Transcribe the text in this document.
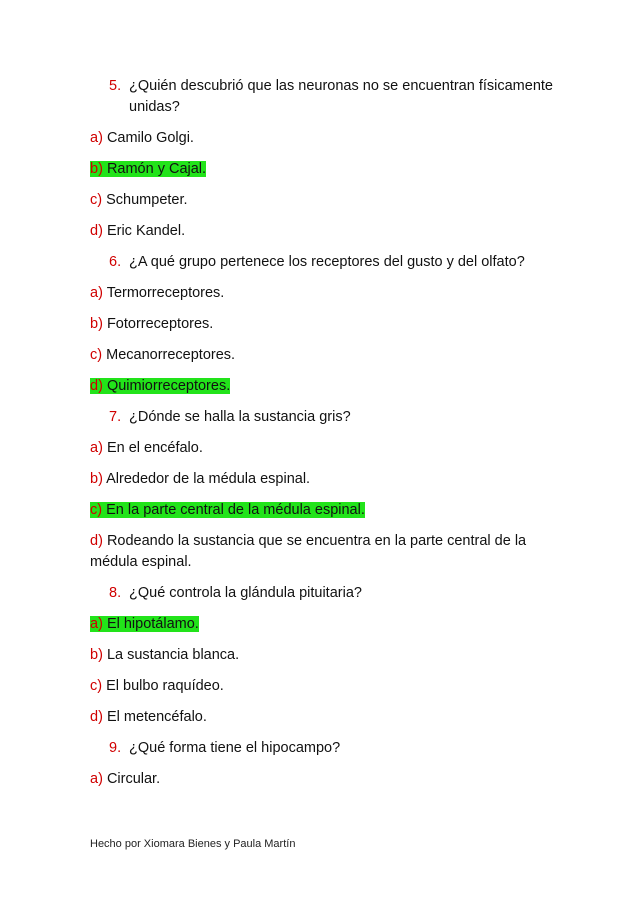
5. ¿Quién descubrió que las neuronas no se encuentran físicamente unidas?
a) Camilo Golgi.
b) Ramón y Cajal.
c) Schumpeter.
d) Eric Kandel.
6. ¿A qué grupo pertenece los receptores del gusto y del olfato?
a) Termorreceptores.
b) Fotorreceptores.
c) Mecanorreceptores.
d) Quimiorreceptores.
7. ¿Dónde se halla la sustancia gris?
a) En el encéfalo.
b) Alrededor de la médula espinal.
c) En la parte central de la médula espinal.
d) Rodeando la sustancia que se encuentra en la parte central de la médula espinal.
8. ¿Qué controla la glándula pituitaria?
a) El hipotálamo.
b) La sustancia blanca.
c) El bulbo raquídeo.
d) El metencéfalo.
9. ¿Qué forma tiene el hipocampo?
a) Circular.
Hecho por Xiomara Bienes y Paula Martín
